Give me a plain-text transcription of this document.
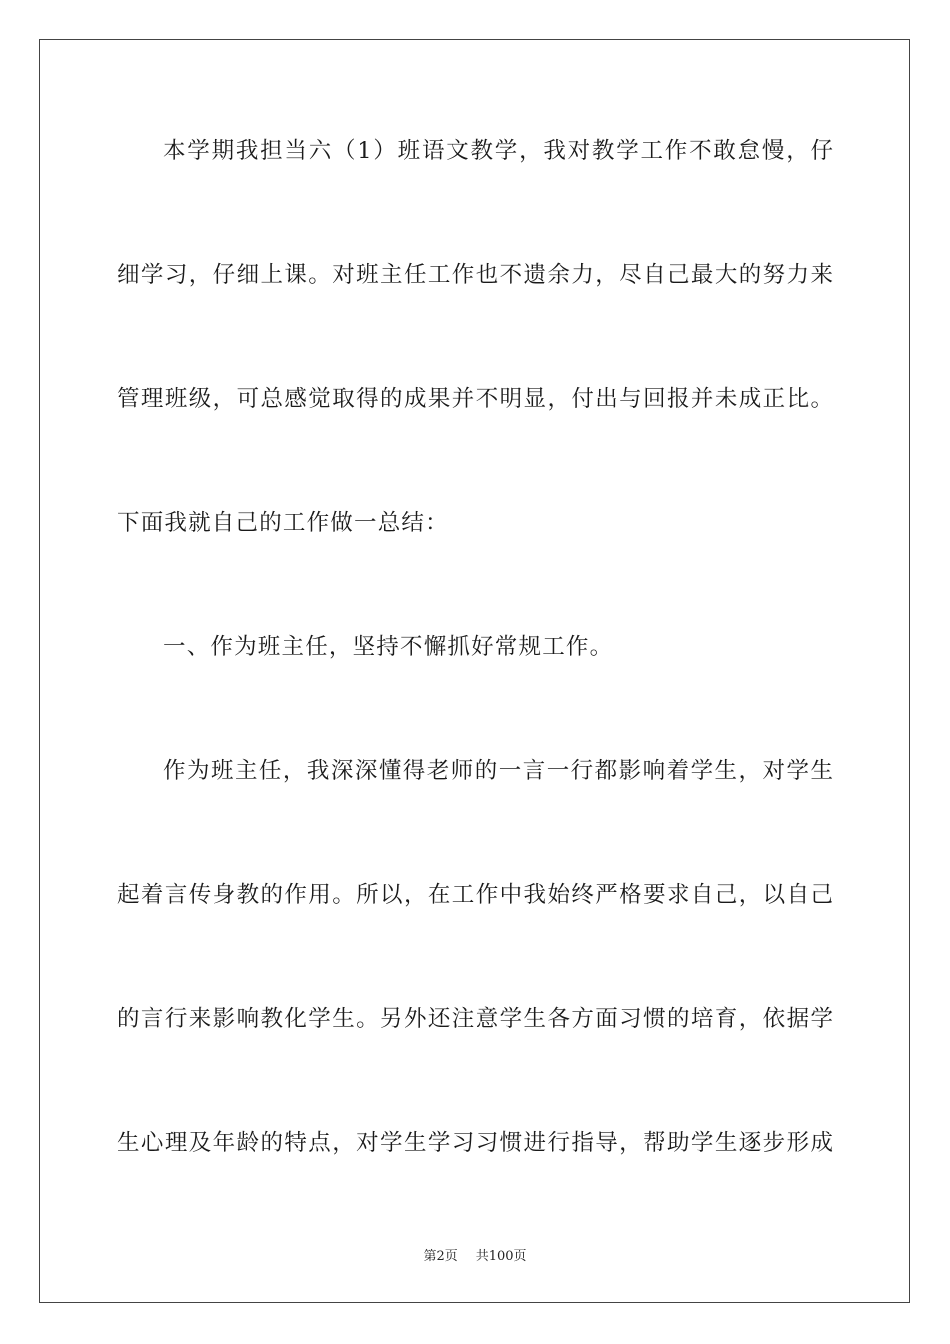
本学期我担当六（1）班语文教学，我对教学工作不敢怠慢，仔
细学习，仔细上课。对班主任工作也不遗余力，尽自己最大的努力来
管理班级，可总感觉取得的成果并不明显，付出与回报并未成正比。
下面我就自己的工作做一总结：
一、作为班主任，坚持不懈抓好常规工作。
作为班主任，我深深懂得老师的一言一行都影响着学生，对学生
起着言传身教的作用。所以，在工作中我始终严格要求自己，以自己
的言行来影响教化学生。另外还注意学生各方面习惯的培育，依据学
生心理及年龄的特点，对学生学习习惯进行指导，帮助学生逐步形成
第2页 共100页
